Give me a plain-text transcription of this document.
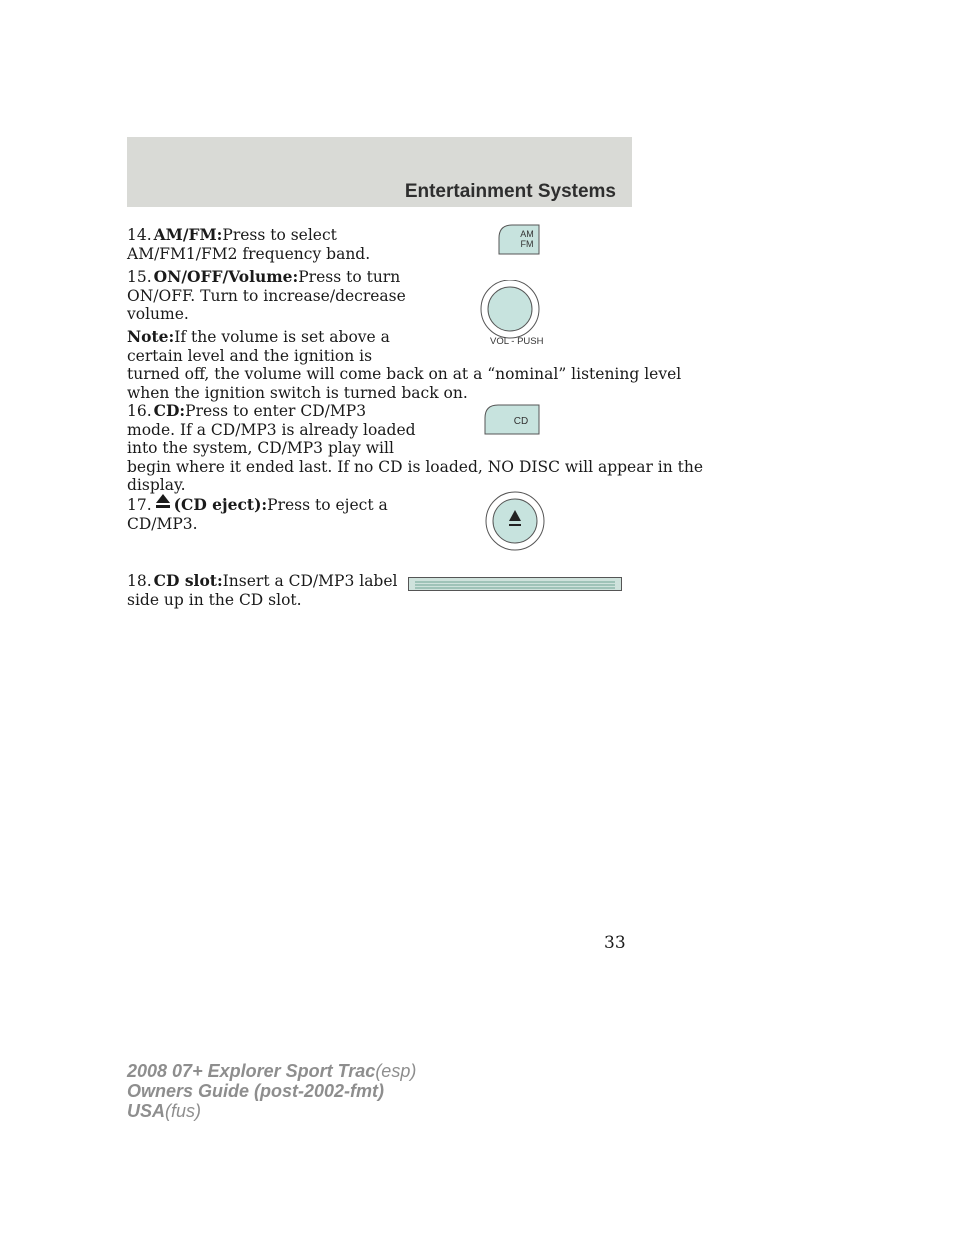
Entertainment Systems
14. AM/FM:Press to select
AM/FM1/FM2 frequency band.
AM
FM
15. ON/OFF/Volume:Press to turn
ON/OFF. Turn to increase/decrease
volume.
VOL - PUSH
Note:If the volume is set above a
certain level and the ignition is
turned off, the volume will come back on at a “nominal” listening level
when the ignition switch is turned back on.
16. CD:Press to enter CD/MP3
mode. If a CD/MP3 is already loaded
into the system, CD/MP3 play will
begin where it ended last. If no CD is loaded, NO DISC will appear in the
display.
CD
17. (CD eject):Press to eject a
CD/MP3.
18. CD slot:Insert a CD/MP3 label
side up in the CD slot.
33
2008 07+ Explorer Sport Trac(esp)
Owners Guide (post-2002-fmt)
USA(fus)
